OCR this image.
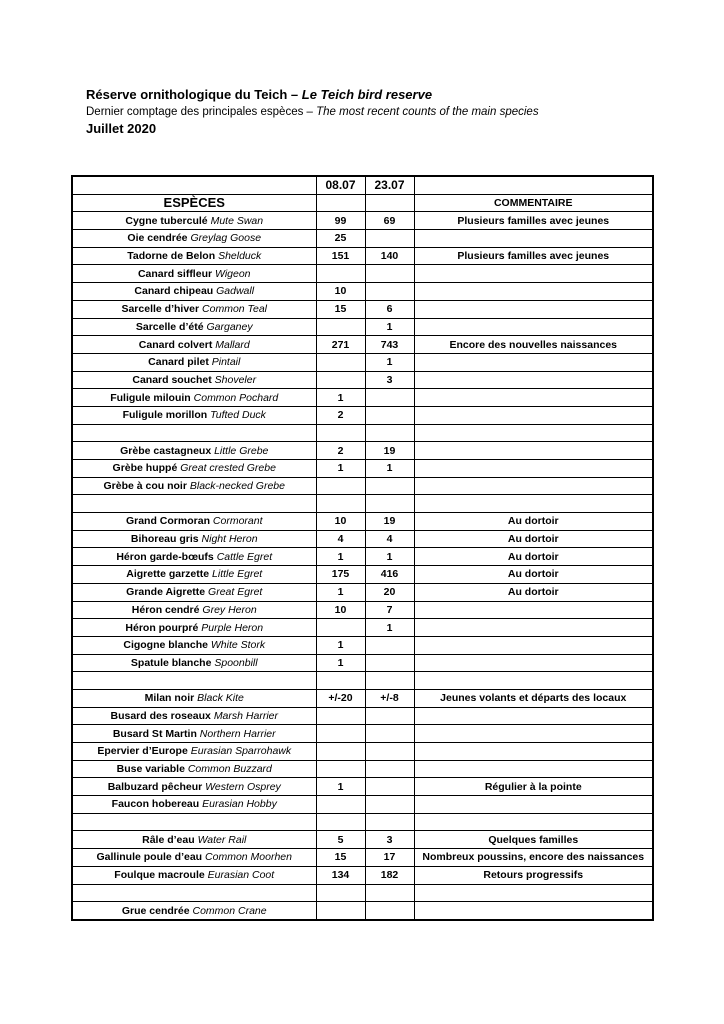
Réserve ornithologique du Teich – Le Teich bird reserve
Dernier comptage des principales espèces – The most recent counts of the main species
Juillet 2020
	08.07	23.07	
ESPÈCES			COMMENTAIRE
Cygne tuberculé Mute Swan	99	69	Plusieurs familles avec jeunes
Oie cendrée Greylag Goose	25		
Tadorne de Belon Shelduck	151	140	Plusieurs familles avec jeunes
Canard siffleur Wigeon			
Canard chipeau Gadwall	10		
Sarcelle d’hiver Common Teal	15	6	
Sarcelle d’été Garganey		1	
Canard colvert Mallard	271	743	Encore des nouvelles naissances
Canard pilet Pintail		1	
Canard souchet Shoveler		3	
Fuligule milouin Common Pochard	1		
Fuligule morillon Tufted Duck	2		

Grèbe castagneux Little Grebe	2	19	
Grèbe huppé Great crested Grebe	1	1	
Grèbe à cou noir Black-necked Grebe			

Grand Cormoran Cormorant	10	19	Au dortoir
Bihoreau gris Night Heron	4	4	Au dortoir
Héron garde-bœufs Cattle Egret	1	1	Au dortoir
Aigrette garzette Little Egret	175	416	Au dortoir
Grande Aigrette Great Egret	1	20	Au dortoir
Héron cendré Grey Heron	10	7	
Héron pourpré Purple Heron		1	
Cigogne blanche White Stork	1		
Spatule blanche Spoonbill	1		

Milan noir Black Kite	+/-20	+/-8	Jeunes volants et départs des locaux
Busard des roseaux Marsh Harrier			
Busard St Martin Northern Harrier			
Epervier d’Europe Eurasian Sparrohawk			
Buse variable Common Buzzard			
Balbuzard pêcheur Western Osprey	1		Régulier à la pointe
Faucon hobereau Eurasian Hobby			

Râle d’eau Water Rail	5	3	Quelques familles
Gallinule poule d’eau Common Moorhen	15	17	Nombreux poussins, encore des naissances
Foulque macroule Eurasian Coot	134	182	Retours progressifs

Grue cendrée Common Crane			
